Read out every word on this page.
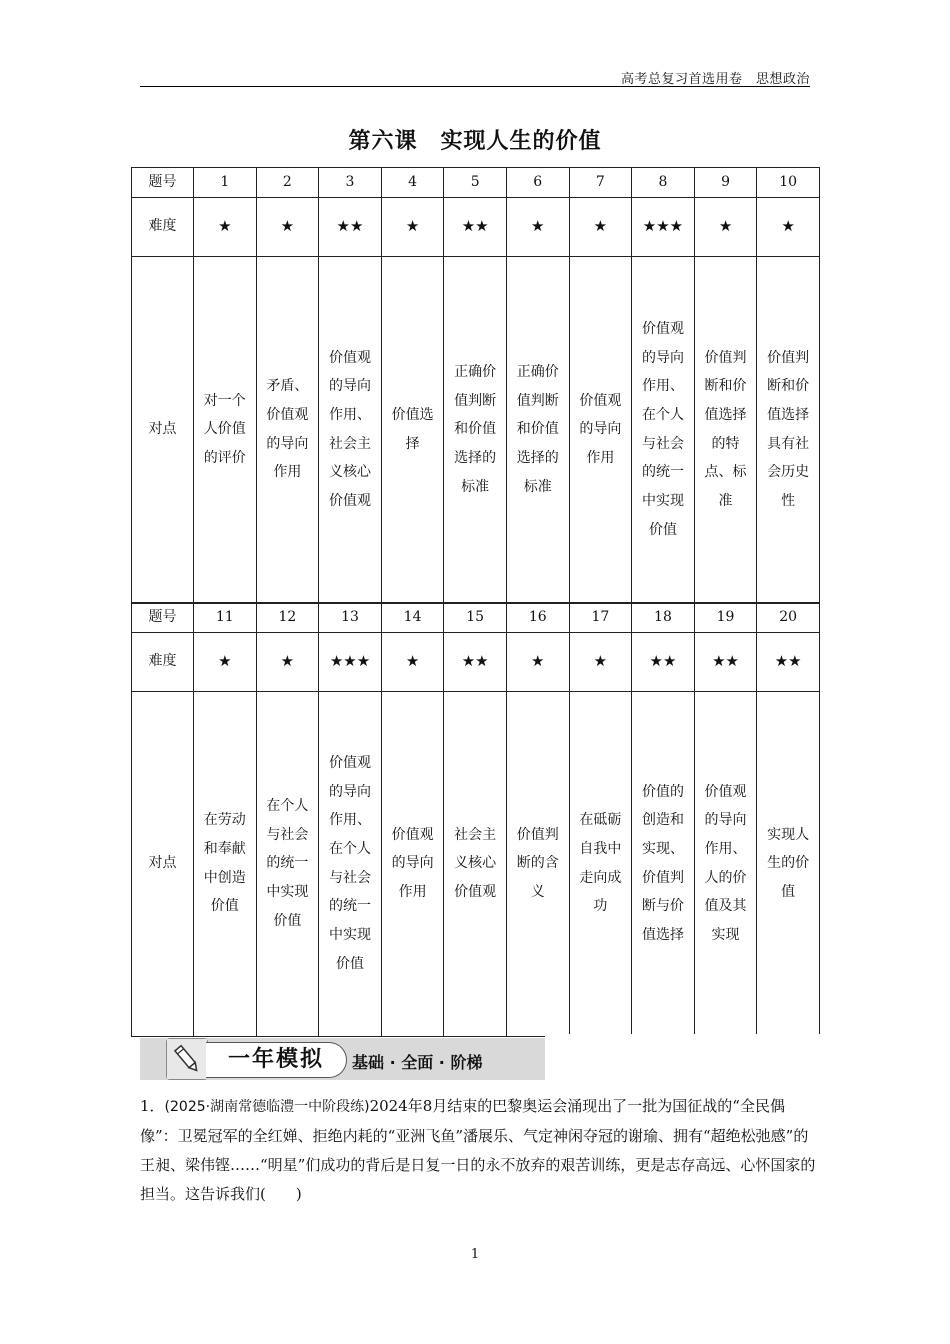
高考总复习首选用卷　思想政治
第六课　实现人生的价值
题号	1	2	3	4	5	6	7	8	9	10
难度	★	★	★★	★	★★	★	★	★★★	★	★
对点	对一个人价值的评价	矛盾、价值观的导向作用	价值观的导向作用、社会主义核心价值观	价值选择	正确价值判断和价值选择的标准	正确价值判断和价值选择的标准	价值观的导向作用	价值观的导向作用、在个人与社会的统一中实现价值	价值判断和价值选择的特点、标准	价值判断和价值选择具有社会历史性
题号	11	12	13	14	15	16	17	18	19	20
难度	★	★	★★★	★	★★	★	★	★★	★★	★★
对点	在劳动和奉献中创造价值	在个人与社会的统一中实现价值	价值观的导向作用、在个人与社会的统一中实现价值	价值观的导向作用	社会主义核心价值观	价值判断的含义	在砥砺自我中走向成功	价值的创造和实现、价值判断与价值选择	价值观的导向作用、人的价值及其实现	实现人生的价值
一年模拟	基础 · 全面 · 阶梯
1．(2025·湖南常德临澧一中阶段练)2024年8月结束的巴黎奥运会涌现出了一批为国征战的“全民偶像”：卫冕冠军的全红婵、拒绝内耗的“亚洲飞鱼”潘展乐、气定神闲夺冠的谢瑜、拥有“超绝松弛感”的王昶、梁伟铿……“明星”们成功的背后是日复一日的永不放弃的艰苦训练，更是志存高远、心怀国家的担当。这告诉我们(　　)
1
